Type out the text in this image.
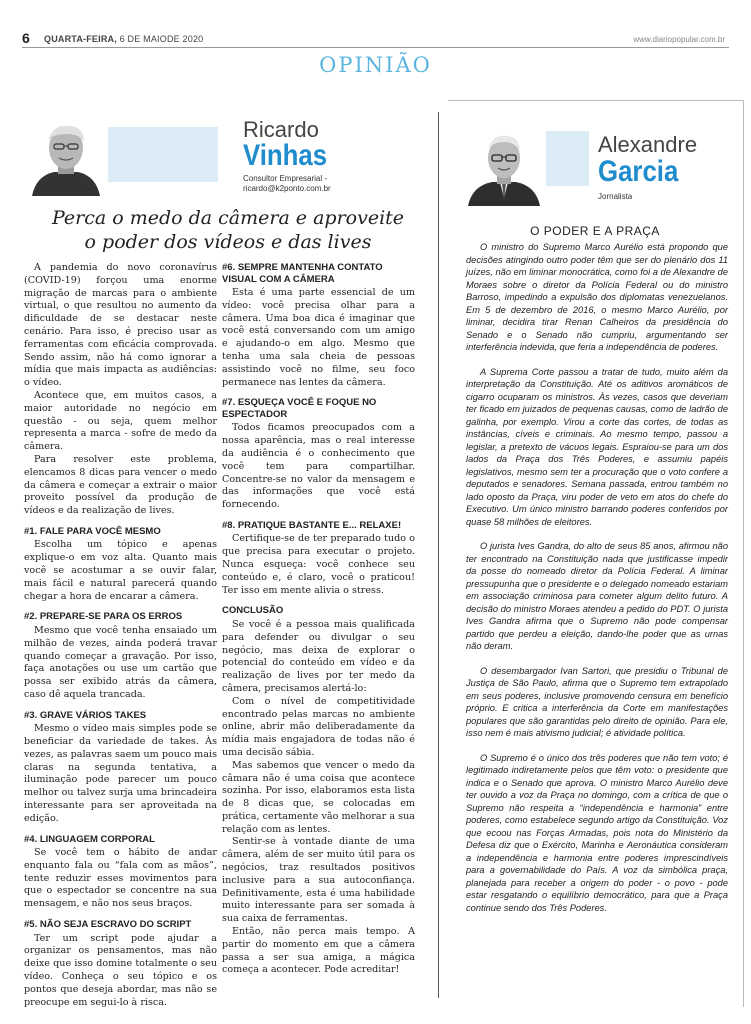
6 QUARTA-FEIRA, 6 DE MAIODE 2020	www.diariopopular.com.br
OPINIÃO
Ricardo
Vinhas
Consultor Empresarial -
ricardo@k2ponto.com.br
Perca o medo da câmera e aproveite
o poder dos vídeos e das lives

A pandemia do novo coronavírus (COVID-19) forçou uma enorme migração de marcas para o ambiente virtual, o que resultou no aumento da dificuldade de se destacar neste cenário. Para isso, é preciso usar as ferramentas com eficácia comprovada. Sendo assim, não há como ignorar a mídia que mais impacta as audiências: o vídeo.

Acontece que, em muitos casos, a maior autoridade no negócio em questão - ou seja, quem melhor representa a marca - sofre de medo da câmera.

Para resolver este problema, elencamos 8 dicas para vencer o medo da câmera e começar a extrair o maior proveito possível da produção de vídeos e da realização de lives.

#1. FALE PARA VOCÊ MESMO

Escolha um tópico e apenas explique-o em voz alta. Quanto mais você se acostumar a se ouvir falar, mais fácil e natural parecerá quando chegar a hora de encarar a câmera.

#2. PREPARE-SE PARA OS ERROS

Mesmo que você tenha ensaiado um milhão de vezes, ainda poderá travar quando começar a gravação. Por isso, faça anotações ou use um cartão que possa ser exibido atrás da câmera, caso dê aquela trancada.

#3. GRAVE VÁRIOS TAKES

Mesmo o vídeo mais simples pode se beneficiar da variedade de takes. Às vezes, as palavras saem um pouco mais claras na segunda tentativa, a iluminação pode parecer um pouco melhor ou talvez surja uma brincadeira interessante para ser aproveitada na edição.

#4. LINGUAGEM CORPORAL

Se você tem o hábito de andar enquanto fala ou “fala com as mãos”, tente reduzir esses movimentos para que o espectador se concentre na sua mensagem, e não nos seus braços.

#5. NÃO SEJA ESCRAVO DO SCRIPT

Ter um script pode ajudar a organizar os pensamentos, mas não deixe que isso domine totalmente o seu vídeo. Conheça o seu tópico e os pontos que deseja abordar, mas não se preocupe em segui-lo à risca.

#6. SEMPRE MANTENHA CONTATO VISUAL COM A CÂMERA

Esta é uma parte essencial de um vídeo: você precisa olhar para a câmera. Uma boa dica é imaginar que você está conversando com um amigo e ajudando-o em algo. Mesmo que tenha uma sala cheia de pessoas assistindo você no filme, seu foco permanece nas lentes da câmera.

#7. ESQUEÇA VOCÊ E FOQUE NO ESPECTADOR

Todos ficamos preocupados com a nossa aparência, mas o real interesse da audiência é o conhecimento que você tem para compartilhar. Concentre-se no valor da mensagem e das informações que você está fornecendo.

#8. PRATIQUE BASTANTE E... RELAXE!

Certifique-se de ter preparado tudo o que precisa para executar o projeto. Nunca esqueça: você conhece seu conteúdo e, é claro, você o praticou! Ter isso em mente alivia o stress.

CONCLUSÃO

Se você é a pessoa mais qualificada para defender ou divulgar o seu negócio, mas deixa de explorar o potencial do conteúdo em vídeo e da realização de lives por ter medo da câmera, precisamos alertá-lo:

Com o nível de competitividade encontrado pelas marcas no ambiente online, abrir mão deliberadamente da mídia mais engajadora de todas não é uma decisão sábia.

Mas sabemos que vencer o medo da câmara não é uma coisa que acontece sozinha. Por isso, elaboramos esta lista de 8 dicas que, se colocadas em prática, certamente vão melhorar a sua relação com as lentes.

Sentir-se à vontade diante de uma câmera, além de ser muito útil para os negócios, traz resultados positivos inclusive para a sua autoconfiança. Definitivamente, esta é uma habilidade muito interessante para ser somada à sua caixa de ferramentas.

Então, não perca mais tempo. A partir do momento em que a câmera passa a ser sua amiga, a mágica começa a acontecer. Pode acreditar!

Alexandre
Garcia
Jornalista
O PODER E A PRAÇA

O ministro do Supremo Marco Aurélio está propondo que decisões atingindo outro poder têm que ser do plenário dos 11 juízes, não em liminar monocrática, como foi a de Alexandre de Moraes sobre o diretor da Polícia Federal ou do ministro Barroso, impedindo a expulsão dos diplomatas venezuelanos. Em 5 de dezembro de 2016, o mesmo Marco Aurélio, por liminar, decidira tirar Renan Calheiros da presidência do Senado e o Senado não cumpriu, argumentando ser interferência indevida, que feria a independência de poderes.

A Suprema Corte passou a tratar de tudo, muito além da interpretação da Constituição. Até os aditivos aromáticos de cigarro ocuparam os ministros. Às vezes, casos que deveriam ter ficado em juizados de pequenas causas, como de ladrão de galinha, por exemplo. Virou a corte das cortes, de todas as instâncias, cíveis e criminais. Ao mesmo tempo, passou a legislar, a pretexto de vácuos legais. Espraiou-se para um dos lados da Praça dos Três Poderes, e assumiu papéis legislativos, mesmo sem ter a procuração que o voto confere a deputados e senadores. Semana passada, entrou também no lado oposto da Praça, viru poder de veto em atos do chefe do Executivo. Um único ministro barrando poderes conferidos por quase 58 milhões de eleitores.

O jurista Ives Gandra, do alto de seus 85 anos, afirmou não ter encontrado na Constituição nada que justificasse impedir da posse do nomeado diretor da Polícia Federal. A liminar pressupunha que o presidente e o delegado nomeado estariam em associação criminosa para cometer algum delito futuro. A decisão do ministro Moraes atendeu a pedido do PDT. O jurista Ives Gandra afirma que o Supremo não pode compensar partido que perdeu a eleição, dando-lhe poder que as urnas não deram.

O desembargador Ivan Sartori, que presidiu o Tribunal de Justiça de São Paulo, afirma que o Supremo tem extrapolado em seus poderes, inclusive promovendo censura em benefício próprio. E critica a interferência da Corte em manifestações populares que são garantidas pelo direito de opinião. Para ele, isso nem é mais ativismo judicial; é atividade política.

O Supremo é o único dos três poderes que não tem voto; é legitimado indiretamente pelos que têm voto: o presidente que indica e o Senado que aprova. O ministro Marco Aurélio deve ter ouvido a voz da Praça no domingo, com a crítica de que o Supremo não respeita a “independência e harmonia” entre poderes, como estabelece segundo artigo da Constituição. Voz que ecoou nas Forças Armadas, pois nota do Ministério da Defesa diz que o Exército, Marinha e Aeronáutica consideram a independência e harmonia entre poderes imprescindíveis para a governabilidade do País. A voz da simbólica praça, planejada para receber a origem do poder - o povo - pode estar resgatando o equilíbrio democrático, para que a Praça continue sendo dos Três Poderes.
